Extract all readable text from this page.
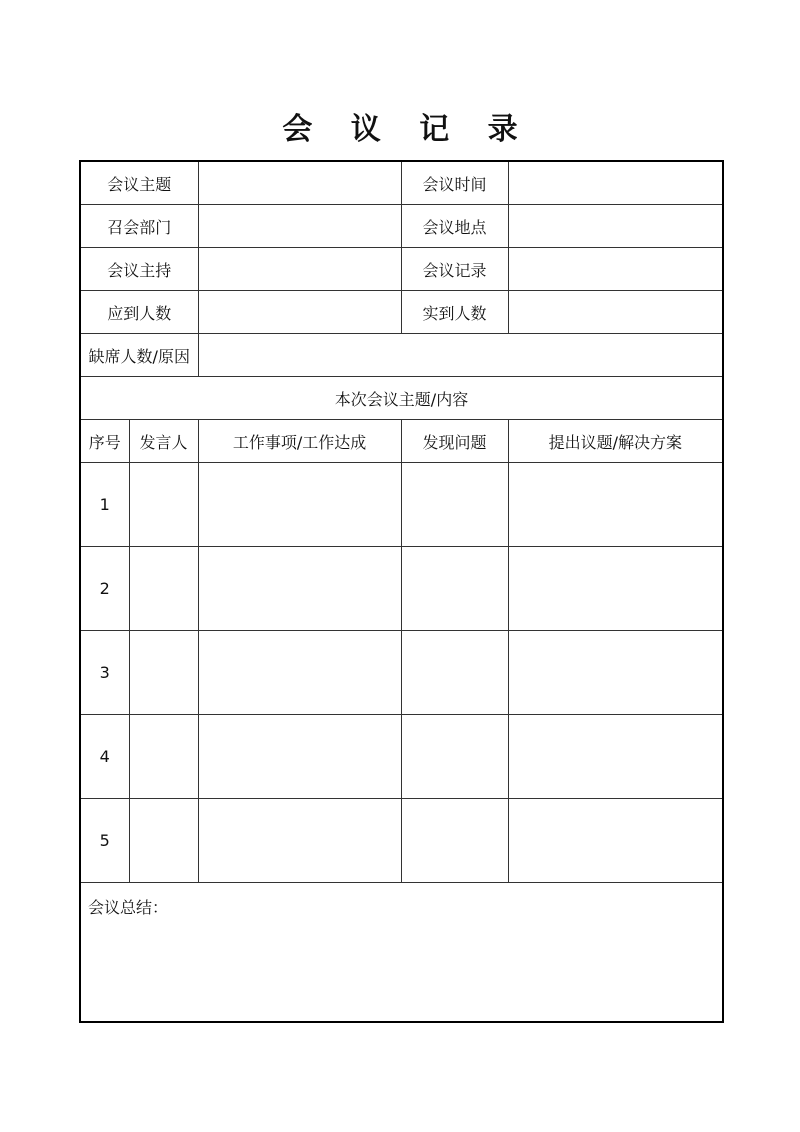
会 议 记 录
会议主题			会议时间	
召会部门			会议地点	
会议主持			会议记录	
应到人数			实到人数	
缺席人数/原因				
本次会议主题/内容				
序号	发言人	工作事项/工作达成	发现问题	提出议题/解决方案
1				
2				
3				
4				
5				
会议总结：				
